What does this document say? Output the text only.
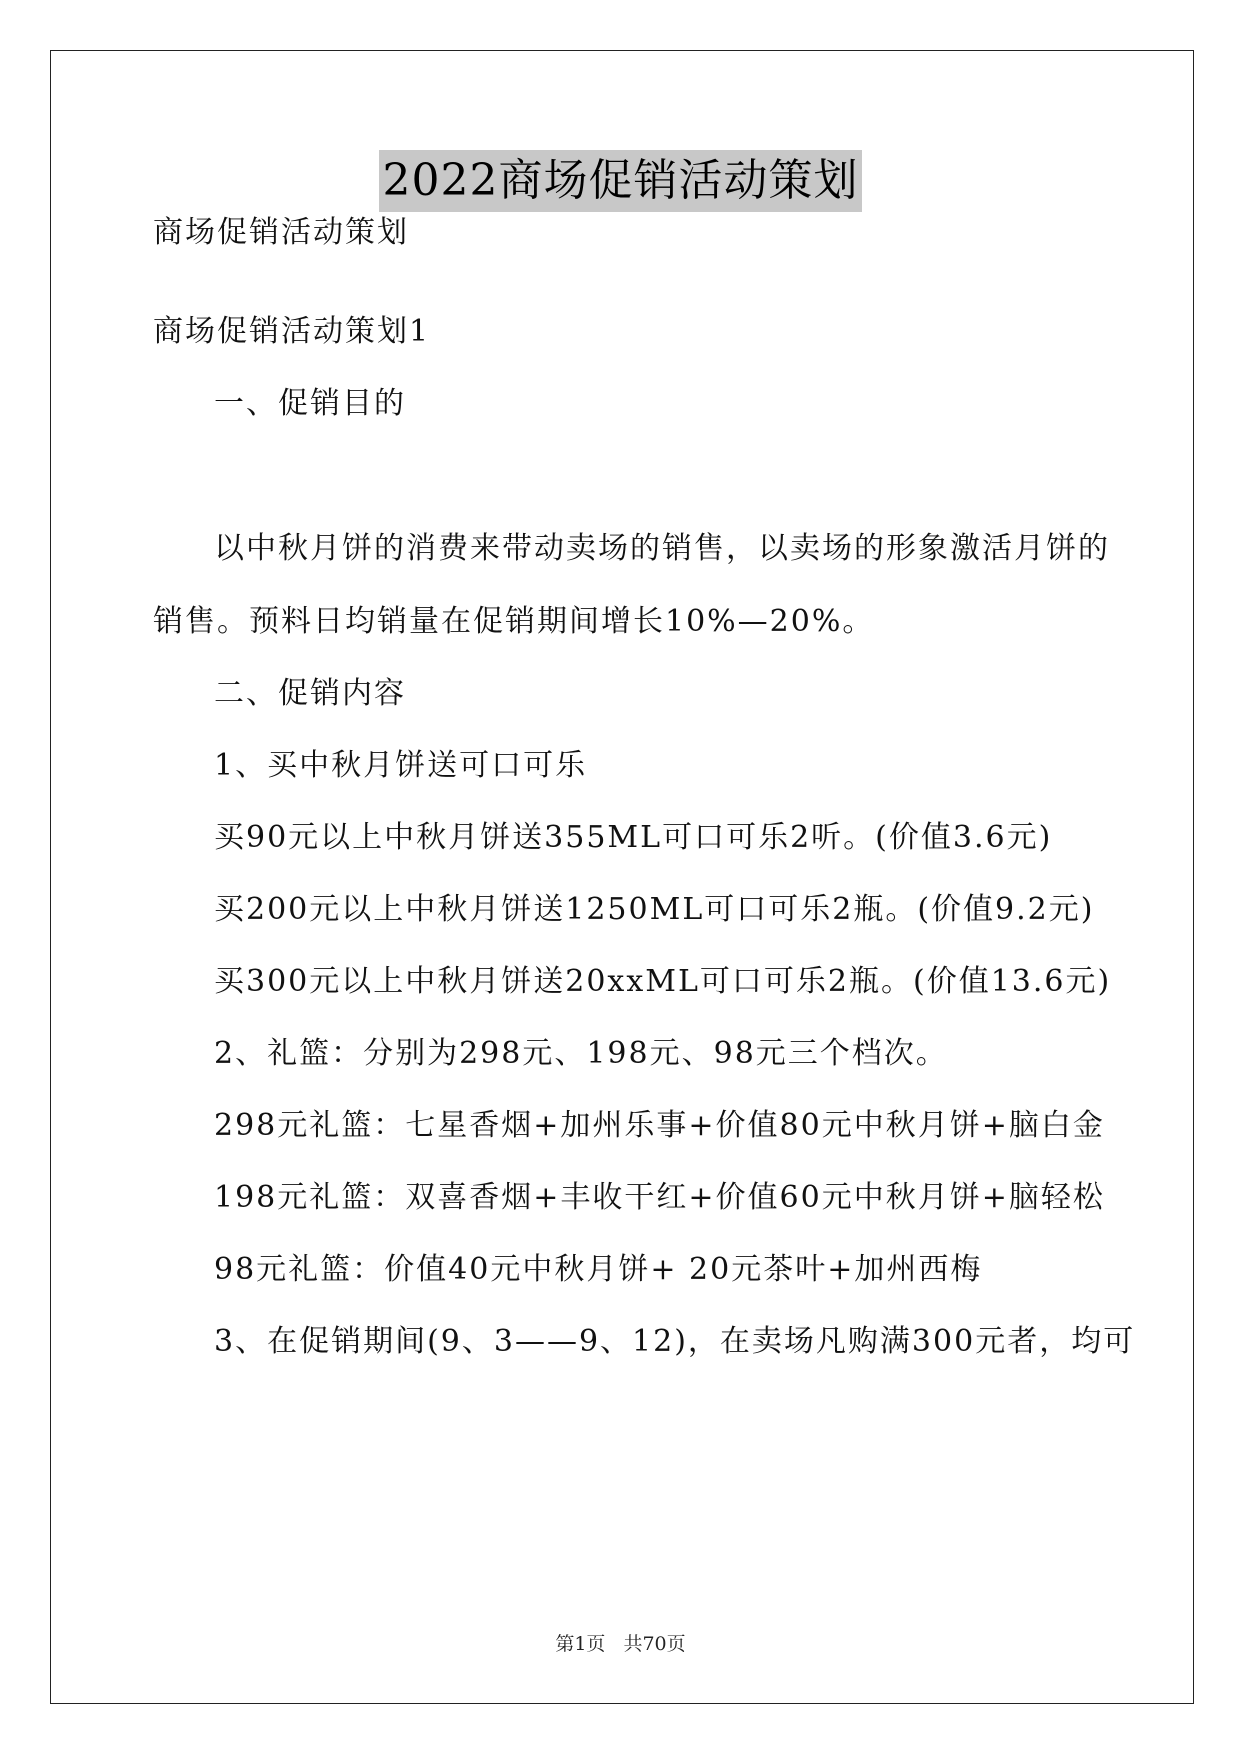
2022商场促销活动策划
商场促销活动策划
商场促销活动策划1
一、促销目的
以中秋月饼的消费来带动卖场的销售，以卖场的形象激活月饼的
销售。预料日均销量在促销期间增长10%—20%。
二、促销内容
1、买中秋月饼送可口可乐
买90元以上中秋月饼送355ML可口可乐2听。(价值3.6元)
买200元以上中秋月饼送1250ML可口可乐2瓶。(价值9.2元)
买300元以上中秋月饼送20xxML可口可乐2瓶。(价值13.6元)
2、礼篮：分别为298元、198元、98元三个档次。
298元礼篮：七星香烟+加州乐事+价值80元中秋月饼+脑白金
198元礼篮：双喜香烟+丰收干红+价值60元中秋月饼+脑轻松
98元礼篮：价值40元中秋月饼+ 20元茶叶+加州西梅
3、在促销期间(9、3——9、12)，在卖场凡购满300元者，均可
第1页 共70页
